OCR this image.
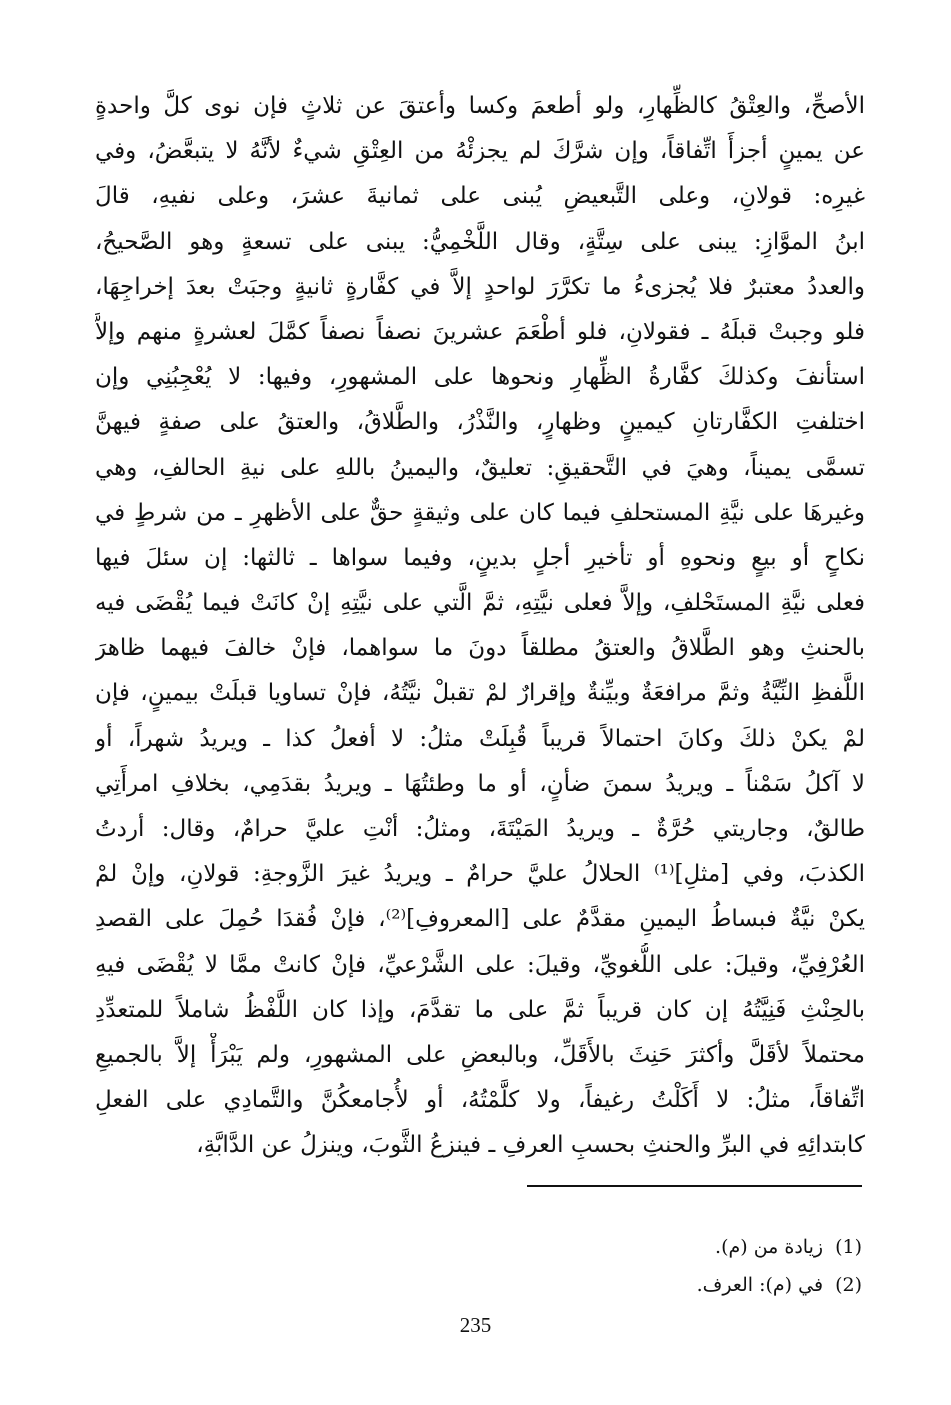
الأصحِّ، والعِتْقُ كالظِّهارِ، ولو أطعمَ وكسا وأعتقَ عن ثلاثٍ فإن نوى كلَّ واحدةٍ
عن يمينٍ أجزأَ اتِّفاقاً، وإن شرَّكَ لم يجزئْهُ من العِتْقِ شيءٌ لأنَّهُ لا يتبعَّضُ، وفي
غيرِه: قولانِ، وعلى التَّبعيضِ يُبنى على ثمانيةَ عشرَ، وعلى نفيهِ، قالَ
ابنُ الموَّازِ: يبنى على سِتَّةٍ، وقال اللَّخْمِيُّ: يبنى على تسعةٍ وهو الصَّحيحُ،
والعددُ معتبرٌ فلا يُجزىءُ ما تكرَّرَ لواحدٍ إلاَّ في كفَّارةٍ ثانيةٍ وجبَتْ بعدَ إخراجِهَا،
فلو وجبتْ قبلَهُ ـ فقولانِ، فلو أطْعَمَ عشرينَ نصفاً نصفاً كمَّلَ لعشرةٍ منهم وإلاَّ
استأنفَ وكذلكَ كفَّارةُ الظِّهارِ ونحوها على المشهورِ، وفيها: لا يُعْجِبُنِي وإن
اختلفتِ الكفَّارتانِ كيمينٍ وظهارٍ، والنَّذْرُ، والطَّلاقُ، والعتقُ على صفةٍ فيهنَّ
تسمَّى يميناً، وهيَ في التَّحقيقِ: تعليقٌ، واليمينُ باللهِ على نيةِ الحالفِ، وهي
وغيرهَا على نيَّةِ المستحلفِ فيما كان على وثيقةٍ حقٌّ على الأظهرِ ـ من شرطٍ في
نكاحٍ أو بيعٍ ونحوهِ أو تأخيرِ أجلٍ بدينٍ، وفيما سواها ـ ثالثها: إن سئلَ فيها
فعلى نيَّةِ المستَحْلفِ، وإلاَّ فعلى نيَّتِهِ، ثمَّ الَّتي على نيَّتِهِ إنْ كانَتْ فيما يُقْضَى فيه
بالحنثِ وهو الطَّلاقُ والعتقُ مطلقاً دونَ ما سواهما، فإنْ خالفَ فيهما ظاهرَ
اللَّفظِ النِّيَّةُ وثمَّ مرافعَةٌ وبيِّنةٌ وإقرارٌ لمْ تقبلْ نيَّتُهُ، فإنْ تساويا قبلَتْ بيمينٍ، فإن
لمْ يكنْ ذلكَ وكانَ احتمالاً قريباً قُبِلَتْ مثلُ: لا أفعلُ كذا ـ ويريدُ شهراً، أو
لا آكلُ سَمْناً ـ ويريدُ سمنَ ضأنٍ، أو ما وطئتُهَا ـ ويريدُ بقدَمِي، بخلافِ امرأَتِي
طالقٌ، وجاريتي حُرَّةٌ ـ ويريدُ المَيْتَةَ، ومثلُ: أنْتِ عليَّ حرامٌ، وقال: أردتُ
الكذبَ، وفي [مثلِ]⁽¹⁾ الحلالُ عليَّ حرامٌ ـ ويريدُ غيرَ الزَّوجةِ: قولانِ، وإنْ لمْ
يكنْ نيَّةٌ فبساطُ اليمينِ مقدَّمٌ على [المعروفِ]⁽²⁾، فإنْ فُقدَا حُمِلَ على القصدِ
العُرْفِيِّ، وقيلَ: على اللُّغويِّ، وقيلَ: على الشَّرْعيِّ، فإنْ كانتْ ممَّا لا يُقْضَى فيهِ
بالحِنْثِ فَنِيَّتُهُ إن كان قريباً ثمَّ على ما تقدَّمَ، وإذا كان اللَّفْظُ شاملاً للمتعدِّدِ
محتملاً لأقَلَّ وأكثرَ حَنِثَ بالأَقَلِّ، وبالبعضِ على المشهورِ، ولم يَبْرَأْ إلاَّ بالجميعِ
اتِّفاقاً، مثلُ: لا أَكَلْتُ رغيفاً، ولا كلَّمْتُهُ، أو لأُجامعكُنَّ والتَّمادِي على الفعلِ
كابتدائِهِ في البرِّ والحنثِ بحسبِ العرفِ ـ فينزعُ الثَّوبَ، وينزلُ عن الدَّابَّةِ،
(1)زيادة من (م).
(2)في (م): العرف.
235
